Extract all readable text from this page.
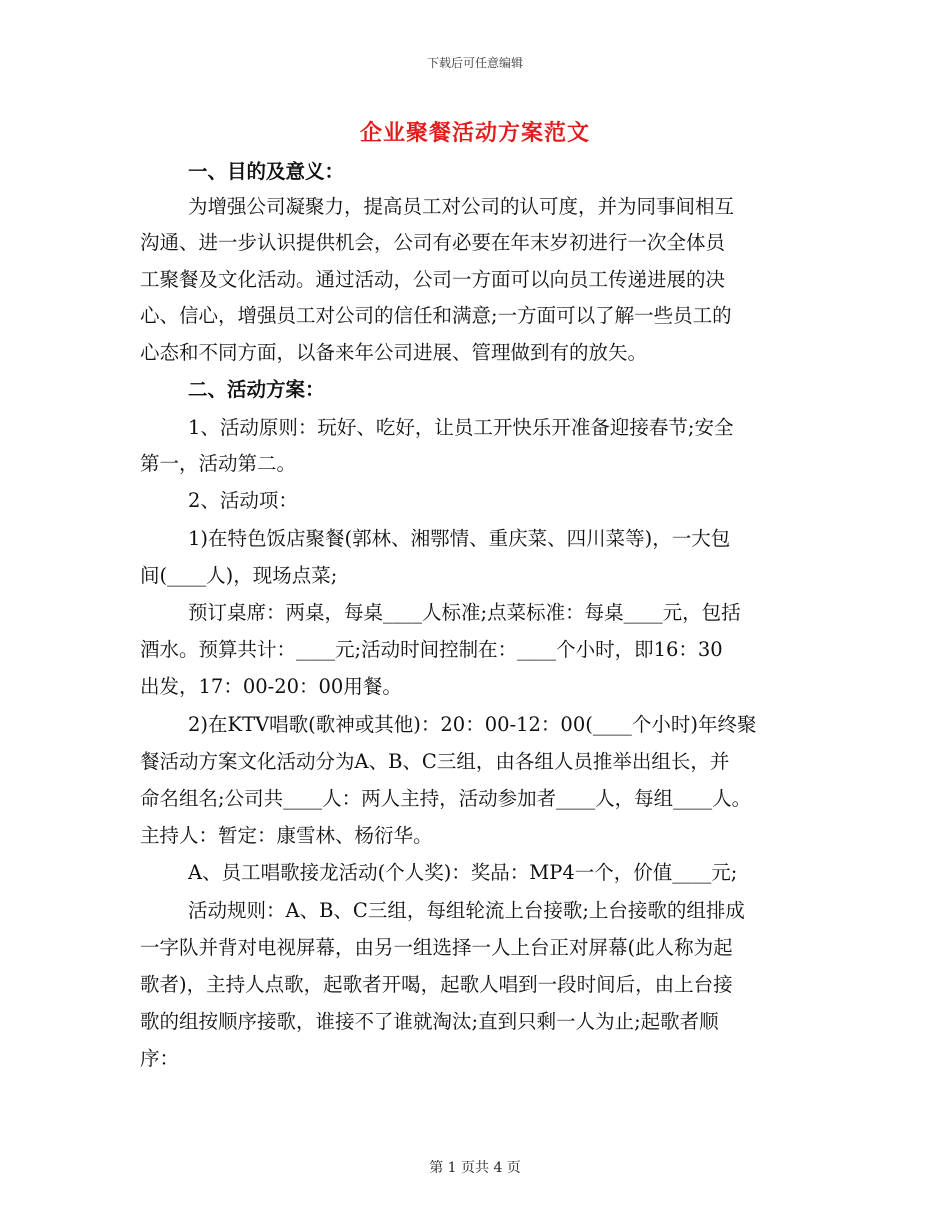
下载后可任意编辑
企业聚餐活动方案范文
一、目的及意义：
为增强公司凝聚力，提高员工对公司的认可度，并为同事间相互
沟通、进一步认识提供机会，公司有必要在年末岁初进行一次全体员
工聚餐及文化活动。通过活动，公司一方面可以向员工传递进展的决
心、信心，增强员工对公司的信任和满意;一方面可以了解一些员工的
心态和不同方面，以备来年公司进展、管理做到有的放矢。
二、活动方案：
1、活动原则：玩好、吃好，让员工开快乐开准备迎接春节;安全
第一，活动第二。
2、活动项：
1)在特色饭店聚餐(郭林、湘鄂情、重庆菜、四川菜等)，一大包
间(____人)，现场点菜;
预订桌席：两桌，每桌____人标准;点菜标准：每桌____元，包括
酒水。预算共计：____元;活动时间控制在：____个小时，即16：30
出发，17：00-20：00用餐。
2)在KTV唱歌(歌神或其他)：20：00-12：00(____个小时)年终聚
餐活动方案文化活动分为A、B、C三组，由各组人员推举出组长，并
命名组名;公司共____人：两人主持，活动参加者____人，每组____人。
主持人：暂定：康雪林、杨衍华。
A、员工唱歌接龙活动(个人奖)：奖品：MP4一个，价值____元;
活动规则：A、B、C三组，每组轮流上台接歌;上台接歌的组排成
一字队并背对电视屏幕，由另一组选择一人上台正对屏幕(此人称为起
歌者)，主持人点歌，起歌者开喝，起歌人唱到一段时间后，由上台接
歌的组按顺序接歌，谁接不了谁就淘汰;直到只剩一人为止;起歌者顺
序：
第 1 页共 4 页
